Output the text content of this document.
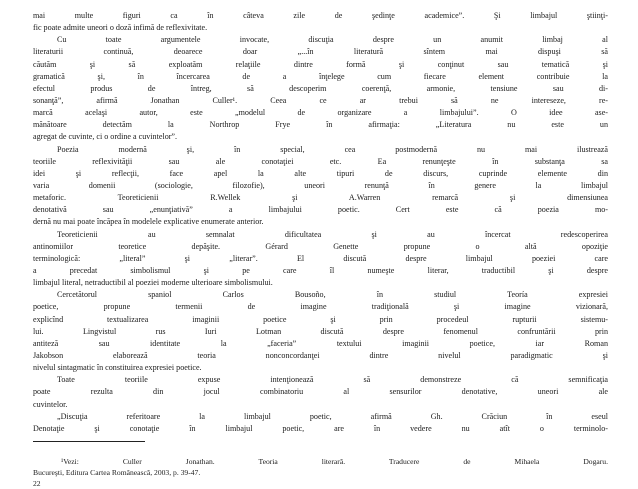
mai multe figuri ca în câteva zile de şedinţe academice”. Şi limbajul ştiinţi-
fic poate admite uneori o doză infimă de reflexivitate.
Cu toate argumentele invocate, discuţia despre un anumit limbaj al
literaturii continuă, deoarece doar „...în literatură sîntem mai dispuşi să
căutăm şi să exploatăm relaţiile dintre formă şi conţinut sau tematică şi
gramatică şi, în încercarea de a înţelege cum fiecare element contribuie la
efectul produs de întreg, să descoperim coerenţă, armonie, tensiune sau di-
sonanţă”, afirmă Jonathan Culler¹. Ceea ce ar trebui să ne intereseze, re-
marcă acelaşi autor, este „modelul de organizare a limbajului”. O idee ase-
mănătoare detectăm la Northrop Frye în afirmaţia: „Literatura nu este un
agregat de cuvinte, ci o ordine a cuvintelor”.
Poezia modernă şi, în special, cea postmodernă nu mai ilustrează
teoriile reflexivităţii sau ale conotaţiei etc. Ea renunţeşte în substanţa sa
idei şi reflecţii, face apel la alte tipuri de discurs, cuprinde elemente din
varia domenii (sociologie, filozofie), uneori renunţă în genere la limbajul
metaforic. Teoreticienii R.Wellek şi A.Warren remarcă şi dimensiunea
denotativă sau „enunţiativă” a limbajului poetic. Cert este că poezia mo-
dernă nu mai poate încăpea în modelele explicative enumerate anterior.
Teoreticienii au semnalat dificultatea şi au încercat redescoperirea
antinomiilor teoretice depăşite. Gérard Genette propune o altă opoziţie
terminologică: „literal” şi „literar”. El discută despre limbajul poeziei care
a precedat simbolismul şi pe care îl numeşte literar, traductibil şi despre
limbajul literal, netraductibil al poeziei moderne ulterioare simbolismului.
Cercetătorul spaniol Carlos Bousoño, în studiul Teoría expresiei
poetice, propune termenii de imagine tradiţională şi imagine vizionară,
explicînd textualizarea imaginii poetice şi prin procedeul rupturii sistemu-
lui. Lingvistul rus Iuri Lotman discută despre fenomenul confruntării prin
antiteză sau identitate la „faceria” textului imaginii poetice, iar Roman
Jakobson elaborează teoria nonconcordanţei dintre nivelul paradigmatic şi
nivelul sintagmatic în constituirea expresiei poetice.
Toate teoriile expuse intenţionează să demonstreze că semnificaţia
poate rezulta din jocul combinatoriu al sensurilor denotative, uneori ale
cuvintelor.
„Discuţia referitoare la limbajul poetic, afirmă Gh. Crăciun în eseul
Denotaţie şi conotaţie în limbajul poetic, are în vedere nu atît o terminolo-
¹Vezi: Culler Jonathan. Teoria literară. Traducere de Mihaela Dogaru.
Bucureşti, Editura Cartea Românească, 2003, p. 39-47.
22
